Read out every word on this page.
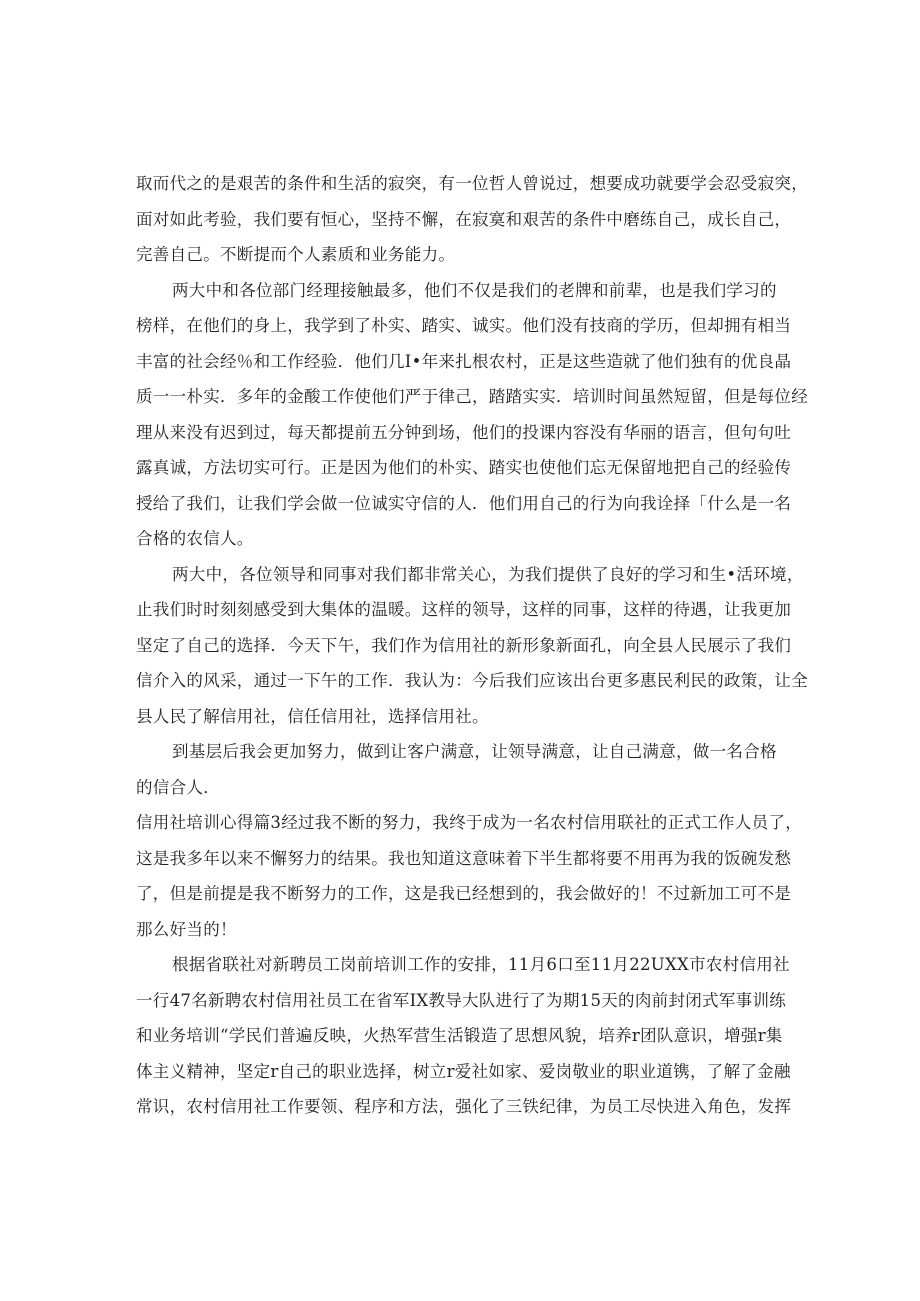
取而代之的是艰苦的条件和生活的寂突，有一位哲人曾说过，想要成功就要学会忍受寂突，
面对如此考验，我们要有恒心，坚持不懈，在寂寞和艰苦的条件中磨练自己，成长自己，
完善自己。不断提而个人素质和业务能力。
两大中和各位部门经理接触最多，他们不仅是我们的老牌和前辈，也是我们学习的
榜样，在他们的身上，我学到了朴实、踏实、诚实。他们没有技商的学历，但却拥有相当
丰富的社会经％和工作经验．他们几I•年来扎根农村，正是这些造就了他们独有的优良晶
质一一朴实．多年的金酸工作使他们严于律己，踏踏实实．培训时间虽然短留，但是每位经
理从来没有迟到过，每天都提前五分钟到场，他们的投课内容没有华丽的语言，但句句吐
露真诚，方法切实可行。正是因为他们的朴实、踏实也使他们忘无保留地把自己的经验传
授给了我们，让我们学会做一位诚实守信的人．他们用自己的行为向我诠择「什么是一名
合格的农信人。
两大中，各位领导和同事对我们都非常关心，为我们提供了良好的学习和生•活环境，
止我们时时刻刻感受到大集体的温暖。这样的领导，这样的同事，这样的待遇，让我更加
坚定了自己的选择．今天下午，我们作为信用社的新形象新面孔，向全县人民展示了我们
信介入的风采，通过一下午的工作．我认为：今后我们应该出台更多惠民利民的政策，让全
县人民了解信用社，信任信用社，选择信用社。
到基层后我会更加努力，做到让客户满意，让领导满意，让自己满意，做一名合格
的信合人．
信用社培训心得篇3经过我不断的努力，我终于成为一名农村信用联社的正式工作人员了，
这是我多年以来不懈努力的结果。我也知道这意味着下半生都将要不用再为我的饭碗发愁
了，但是前提是我不断努力的工作，这是我已经想到的，我会做好的！不过新加工可不是
那么好当的！
根据省联社对新聘员工岗前培训工作的安排，11月6口至11月22UXX市农村信用社
一行47名新聘农村信用社员工在省军IX教导大队进行了为期15天的肉前封闭式军事训练
和业务培训“学民们普遍反映，火热军营生活锻造了思想风貌，培养r团队意识，增强r集
体主义精神，坚定r自己的职业选择，树立r爱社如家、爱岗敬业的职业道镌，了解了金融
常识，农村信用社工作要领、程序和方法，强化了三铁纪律，为员工尽快进入角色，发挥
